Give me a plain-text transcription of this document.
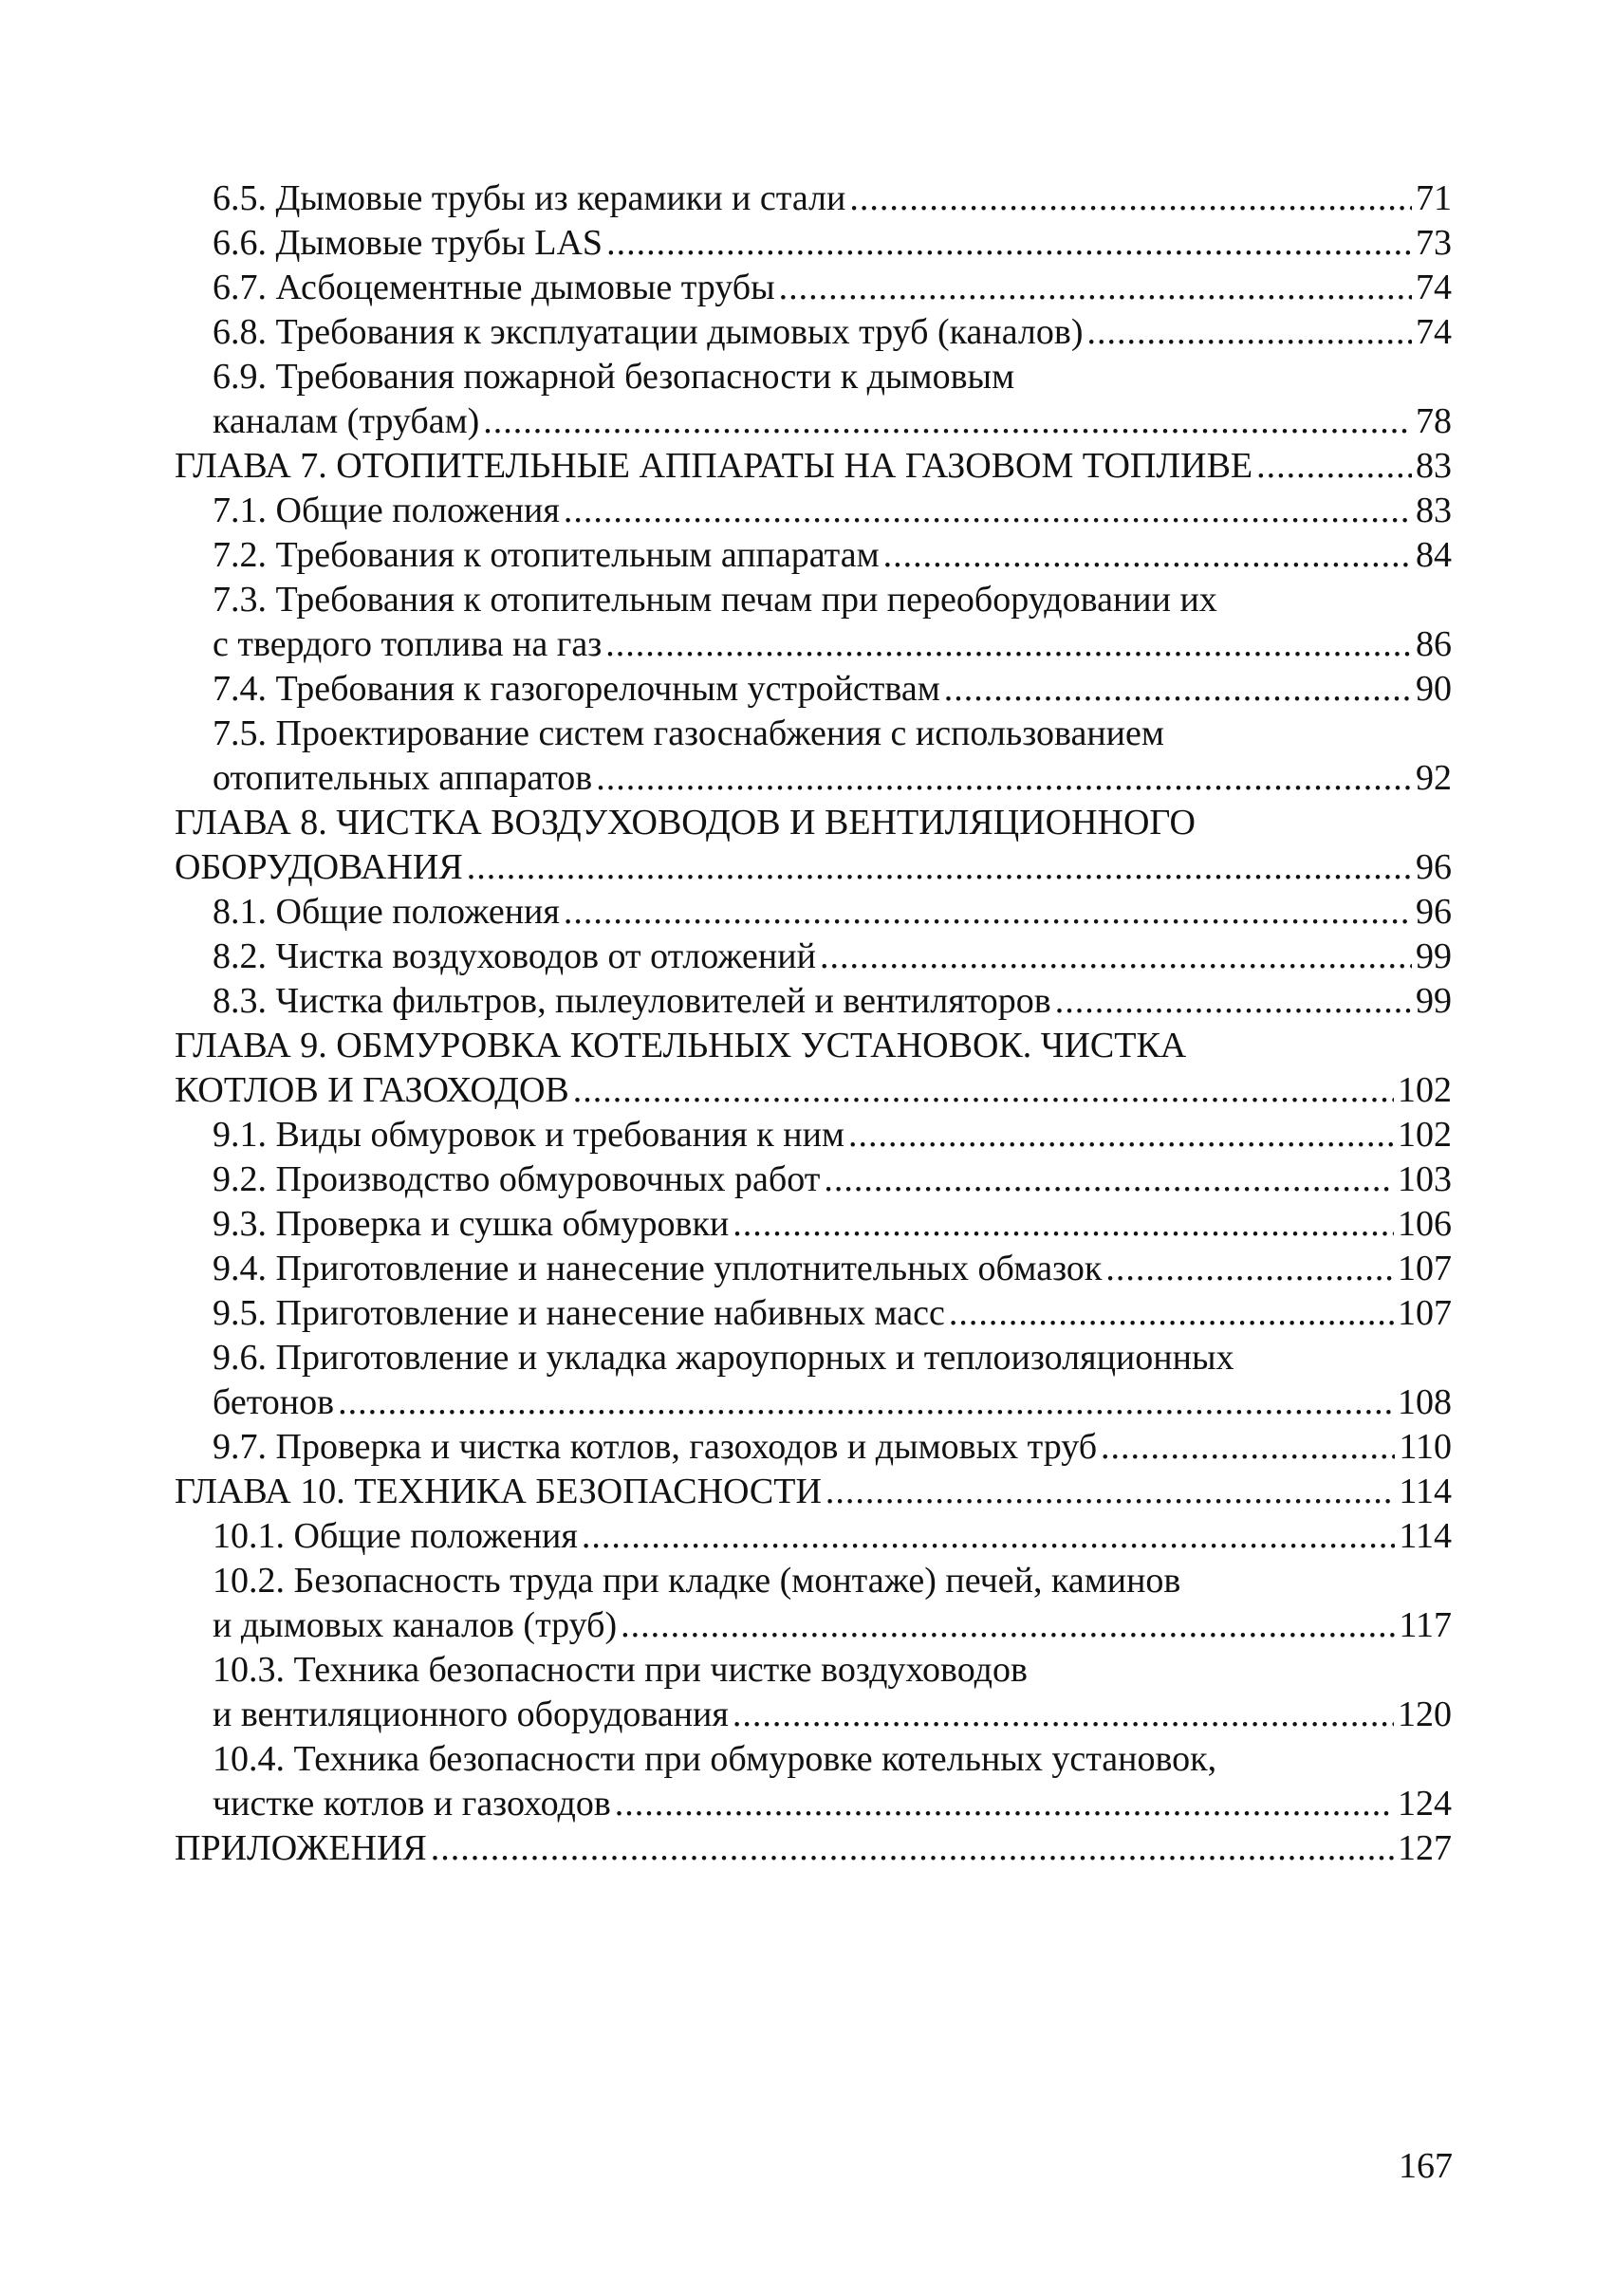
6.5. Дымовые трубы из керамики и стали .....	71
6.6. Дымовые трубы LAS .....	73
6.7. Асбоцементные дымовые трубы .....	74
6.8. Требования к эксплуатации дымовых труб (каналов) .....	74
6.9. Требования пожарной безопасности к дымовым
каналам (трубам) .....	78
ГЛАВА 7. ОТОПИТЕЛЬНЫЕ АППАРАТЫ НА ГАЗОВОМ ТОПЛИВЕ .....	83
7.1. Общие положения .....	83
7.2. Требования к отопительным аппаратам .....	84
7.3. Требования к отопительным печам при переоборудовании их
с твердого топлива на газ .....	86
7.4. Требования к газогорелочным устройствам .....	90
7.5. Проектирование систем газоснабжения с использованием
отопительных аппаратов .....	92
ГЛАВА 8. ЧИСТКА ВОЗДУХОВОДОВ И ВЕНТИЛЯЦИОННОГО
ОБОРУДОВАНИЯ .....	96
8.1. Общие положения .....	96
8.2. Чистка воздуховодов от отложений .....	99
8.3. Чистка фильтров, пылеуловителей и вентиляторов .....	99
ГЛАВА 9. ОБМУРОВКА КОТЕЛЬНЫХ УСТАНОВОК. ЧИСТКА
КОТЛОВ И ГАЗОХОДОВ .....	102
9.1. Виды обмуровок и требования к ним .....	102
9.2. Производство обмуровочных работ .....	103
9.3. Проверка и сушка обмуровки .....	106
9.4. Приготовление и нанесение уплотнительных обмазок .....	107
9.5. Приготовление и нанесение набивных масс .....	107
9.6. Приготовление и укладка жароупорных и теплоизоляционных
бетонов .....	108
9.7. Проверка и чистка котлов, газоходов и дымовых труб .....	110
ГЛАВА 10. ТЕХНИКА БЕЗОПАСНОСТИ .....	114
10.1. Общие положения .....	114
10.2. Безопасность труда при кладке (монтаже) печей, каминов
и дымовых каналов (труб) .....	117
10.3. Техника безопасности при чистке воздуховодов
и вентиляционного оборудования .....	120
10.4. Техника безопасности при обмуровке котельных установок,
чистке котлов и газоходов .....	124
ПРИЛОЖЕНИЯ .....	127
167
